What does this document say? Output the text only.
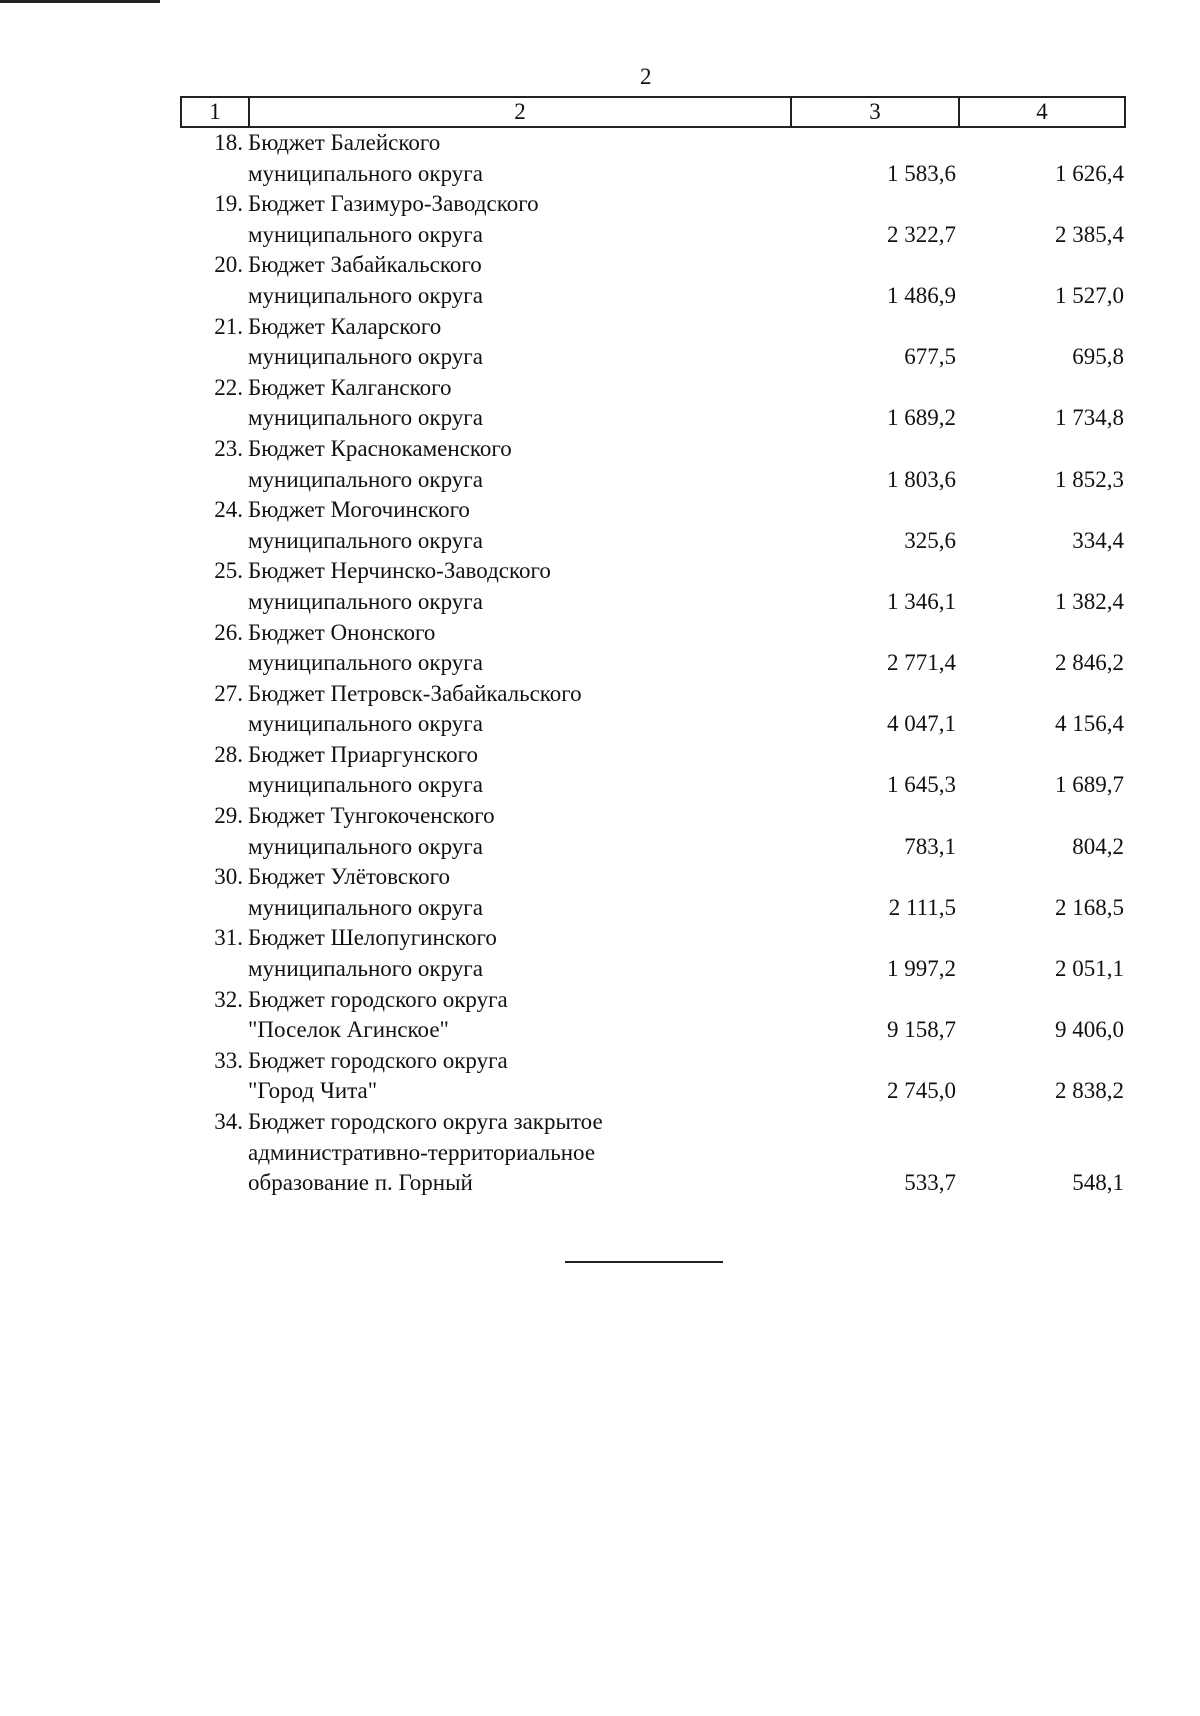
2
1	2	3	4
18. Бюджет Балейского
муниципального округа	1 583,6	1 626,4
19. Бюджет Газимуро-Заводского
муниципального округа	2 322,7	2 385,4
20. Бюджет Забайкальского
муниципального округа	1 486,9	1 527,0
21. Бюджет Каларского
муниципального округа	677,5	695,8
22. Бюджет Калганского
муниципального округа	1 689,2	1 734,8
23. Бюджет Краснокаменского
муниципального округа	1 803,6	1 852,3
24. Бюджет Могочинского
муниципального округа	325,6	334,4
25. Бюджет Нерчинско-Заводского
муниципального округа	1 346,1	1 382,4
26. Бюджет Ононского
муниципального округа	2 771,4	2 846,2
27. Бюджет Петровск-Забайкальского
муниципального округа	4 047,1	4 156,4
28. Бюджет Приаргунского
муниципального округа	1 645,3	1 689,7
29. Бюджет Тунгокоченского
муниципального округа	783,1	804,2
30. Бюджет Улётовского
муниципального округа	2 111,5	2 168,5
31. Бюджет Шелопугинского
муниципального округа	1 997,2	2 051,1
32. Бюджет городского округа
"Поселок Агинское"	9 158,7	9 406,0
33. Бюджет городского округа
"Город Чита"	2 745,0	2 838,2
34. Бюджет городского округа закрытое
административно-территориальное
образование п. Горный	533,7	548,1
